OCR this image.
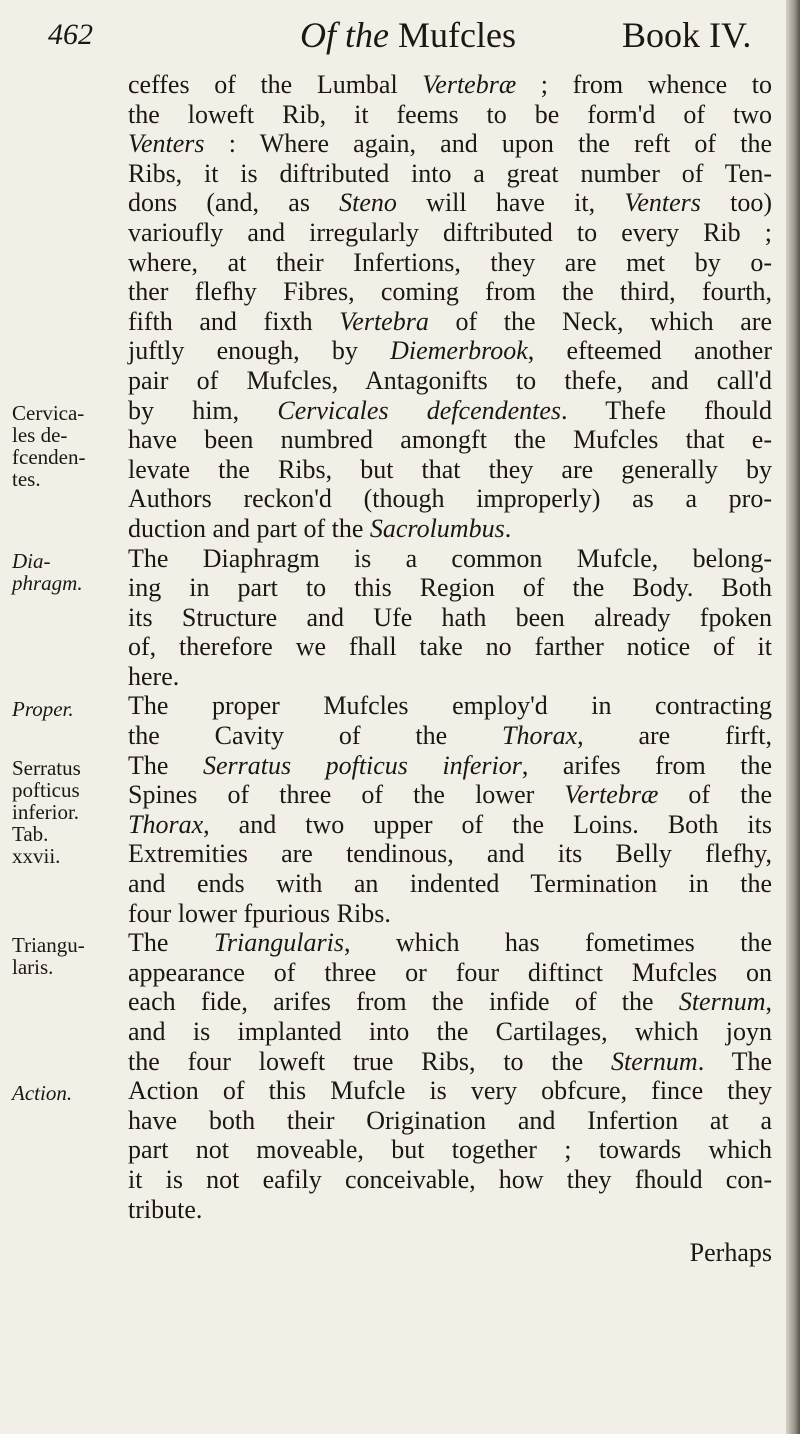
462	Of the Mufcles	Book IV.
Cervica-
les de-
fcenden-
tes.
Dia-
phragm.
Proper.
Serratus
pofticus
inferior.
Tab.
xxvii.
Triangu-
laris.
Action.
ceffes of the Lumbal Vertebræ ; from whence to
the loweft Rib, it feems to be form'd of two
Venters : Where again, and upon the reft of the
Ribs, it is diftributed into a great number of Ten-
dons (and, as Steno will have it, Venters too)
varioufly and irregularly diftributed to every Rib ;
where, at their Infertions, they are met by o-
ther flefhy Fibres, coming from the third, fourth,
fifth and fixth Vertebra of the Neck, which are
juftly enough, by Diemerbrook, efteemed another
pair of Mufcles, Antagonifts to thefe, and call'd
by him, Cervicales defcendentes. Thefe fhould
have been numbred amongft the Mufcles that e-
levate the Ribs, but that they are generally by
Authors reckon'd (though improperly) as a pro-
duction and part of the Sacrolumbus.
The Diaphragm is a common Mufcle, belong-
ing in part to this Region of the Body. Both
its Structure and Ufe hath been already fpoken
of, therefore we fhall take no farther notice of it
here.
The proper Mufcles employ'd in contracting
the Cavity of the Thorax, are firft,
The Serratus pofticus inferior, arifes from the
Spines of three of the lower Vertebræ of the
Thorax, and two upper of the Loins. Both its
Extremities are tendinous, and its Belly flefhy,
and ends with an indented Termination in the
four lower fpurious Ribs.
The Triangularis, which has fometimes the
appearance of three or four diftinct Mufcles on
each fide, arifes from the infide of the Sternum,
and is implanted into the Cartilages, which joyn
the four loweft true Ribs, to the Sternum. The
Action of this Mufcle is very obfcure, fince they
have both their Origination and Infertion at a
part not moveable, but together ; towards which
it is not eafily conceivable, how they fhould con-
tribute.
Perhaps
